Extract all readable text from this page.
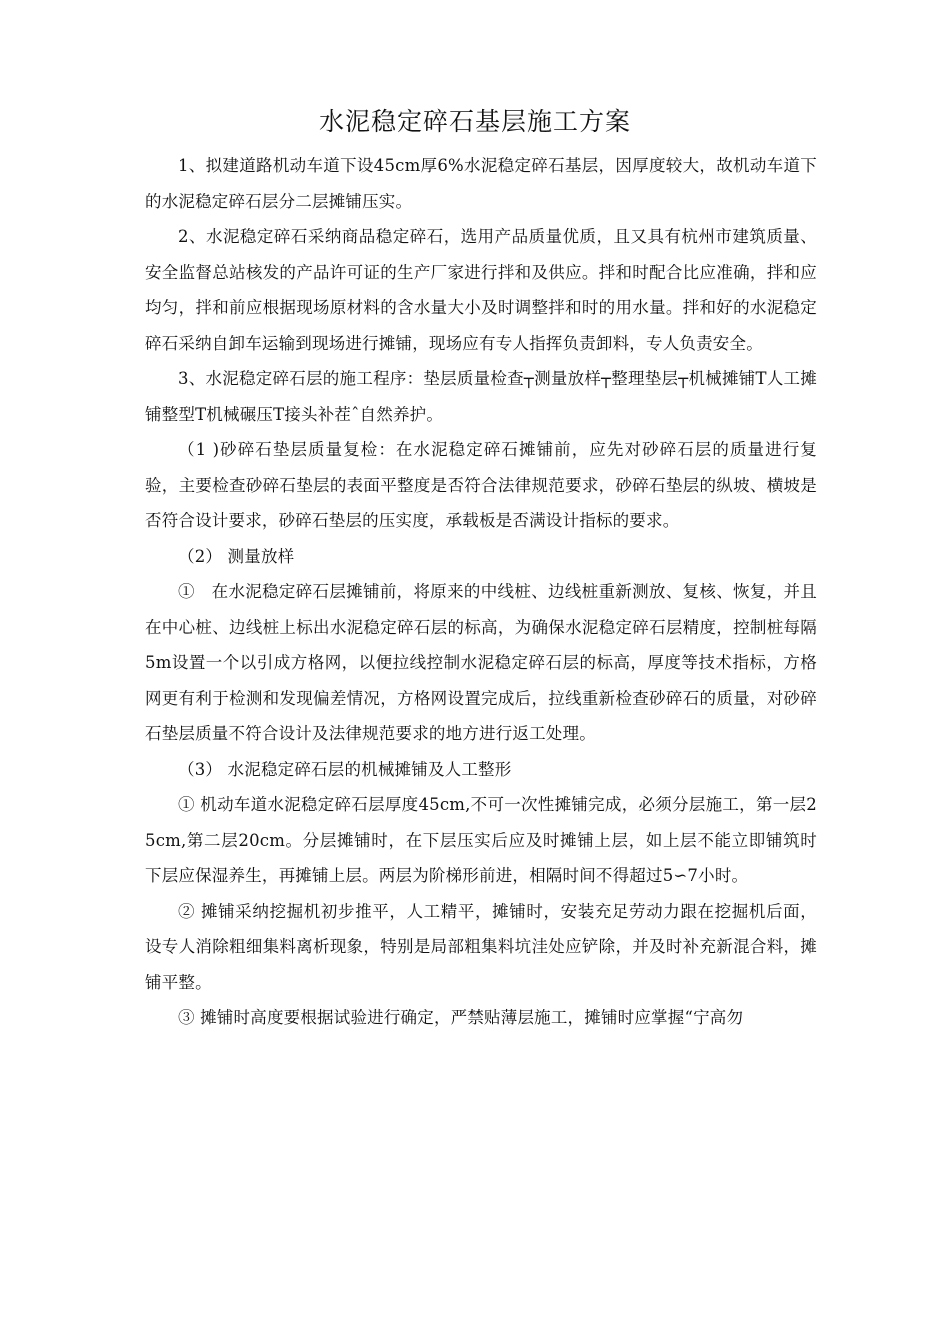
水泥稳定碎石基层施工方案

1、拟建道路机动车道下设45cm厚6%水泥稳定碎石基层，因厚度较大，故机动车道下的水泥稳定碎石层分二层摊铺压实。

2、水泥稳定碎石采纳商品稳定碎石，选用产品质量优质，且又具有杭州市建筑质量、安全监督总站核发的产品许可证的生产厂家进行拌和及供应。拌和时配合比应准确，拌和应均匀，拌和前应根据现场原材料的含水量大小及时调整拌和时的用水量。拌和好的水泥稳定碎石采纳自卸车运输到现场进行摊铺，现场应有专人指挥负责卸料，专人负责安全。

3、水泥稳定碎石层的施工程序：垫层质量检查┬测量放样┬整理垫层┬机械摊铺T人工摊铺整型T机械碾压T接头补茬ˆ自然养护。

（1 )砂碎石垫层质量复检：在水泥稳定碎石摊铺前，应先对砂碎石层的质量进行复验，主要检查砂碎石垫层的表面平整度是否符合法律规范要求，砂碎石垫层的纵坡、横坡是否符合设计要求，砂碎石垫层的压实度，承载板是否满设计指标的要求。

（2） 测量放样

①　在水泥稳定碎石层摊铺前，将原来的中线桩、边线桩重新测放、复核、恢复，并且在中心桩、边线桩上标出水泥稳定碎石层的标高，为确保水泥稳定碎石层精度，控制桩每隔5m设置一个以引成方格网，以便拉线控制水泥稳定碎石层的标高，厚度等技术指标，方格网更有利于检测和发现偏差情况，方格网设置完成后，拉线重新检查砂碎石的质量，对砂碎石垫层质量不符合设计及法律规范要求的地方进行返工处理。

（3） 水泥稳定碎石层的机械摊铺及人工整形

① 机动车道水泥稳定碎石层厚度45cm,不可一次性摊铺完成，必须分层施工，第一层25cm,第二层20cm。分层摊铺时，在下层压实后应及时摊铺上层，如上层不能立即铺筑时下层应保湿养生，再摊铺上层。两层为阶梯形前进，相隔时间不得超过5∽7小时。

② 摊铺采纳挖掘机初步推平，人工精平，摊铺时，安装充足劳动力跟在挖掘机后面，设专人消除粗细集料离析现象，特别是局部粗集料坑洼处应铲除，并及时补充新混合料，摊铺平整。

③ 摊铺时高度要根据试验进行确定，严禁贴薄层施工，摊铺时应掌握“宁高勿
